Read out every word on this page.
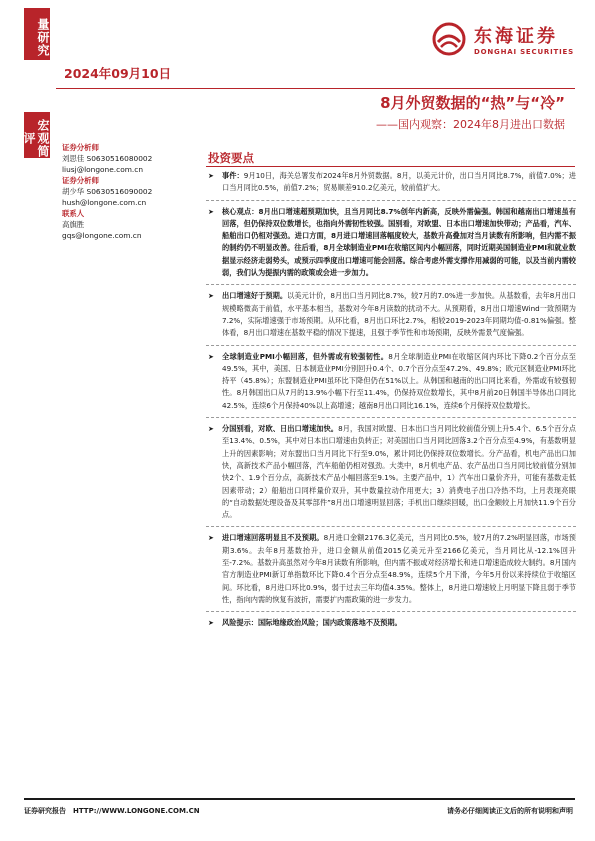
量研究
宏观简评
2024年09月10日
东海证券
DONGHAI SECURITIES
8月外贸数据的“热”与“冷”
——国内观察：2024年8月进出口数据
证券分析师
刘思佳 S0630516080002
liusj@longone.com.cn
证券分析师
胡少华 S0630516090002
hush@longone.com.cn
联系人
高旗胜
gqs@longone.com.cn
投资要点
➤ 事件：9月10日，海关总署发布2024年8月外贸数据。8月，以美元计价，出口当月同比8.7%，前值7.0%；进口当月同比0.5%，前值7.2%；贸易顺差910.2亿美元，较前值扩大。
➤ 核心观点：8月出口增速超预期加快，且当月同比8.7%创年内新高，反映外需偏强。韩国和越南出口增速虽有回落，但仍保持双位数增长，也指向外需韧性较强。国别看，对欧盟、日本出口增速加快带动；产品看，汽车、船舶出口仍相对强劲。进口方面，8月进口增速回落幅度较大，基数升高叠加对当月读数有所影响，但内需不振的制约仍不明显改善。往后看，8月全球制造业PMI在收缩区间内小幅回落，同时近期美国制造业PMI和就业数据显示经济走弱势头，或预示四季度出口增速可能会回落。综合考虑外需支撑作用减弱的可能，以及当前内需较弱，我们认为提振内需的政策或会进一步加力。
➤ 出口增速好于预期。以美元计价，8月出口当月同比8.7%，较7月的7.0%进一步加快。从基数看，去年8月出口规模略微高于前值，水平基本相当，基数对今年8月读数的扰动不大。从预期看，8月出口增速Wind一致预期为7.2%，实际增速强于市场预期。从环比看，8月出口环比2.7%，相较2019-2023年同期均值-0.81%偏强。整体看，8月出口增速在基数平稳的情况下提速，且强于季节性和市场预期，反映外需景气度偏强。
➤ 全球制造业PMI小幅回落，但外需或有较强韧性。8月全球制造业PMI在收缩区间内环比下降0.2个百分点至49.5%，其中，美国、日本制造业PMI分别回升0.4个、0.7个百分点至47.2%、49.8%；欧元区制造业PMI环比持平（45.8%）；东盟制造业PMI虽环比下降但仍在51%以上。从韩国和越南的出口同比来看，外需或有较强韧性。8月韩国出口从7月的13.9%小幅下行至11.4%，仍保持双位数增长，其中8月前20日韩国半导体出口同比42.5%，连续6个月保持40%以上高增速；越南8月出口同比16.1%，连续6个月保持双位数增长。
➤ 分国别看，对欧、日出口增速加快。8月，我国对欧盟、日本出口当月同比较前值分别上升5.4个、6.5个百分点至13.4%、0.5%，其中对日本出口增速由负转正；对美国出口当月同比回落3.2个百分点至4.9%，有基数明显上升的因素影响；对东盟出口当月同比下行至9.0%，累计同比仍保持双位数增长。分产品看，机电产品出口加快，高新技术产品小幅回落，汽车船舶仍相对强劲。大类中，8月机电产品、农产品出口当月同比较前值分别加快2个、1.9个百分点，高新技术产品小幅回落至9.1%。主要产品中，1）汽车出口量价齐升，可能有基数走低因素带动；2）船舶出口同样量价双升，其中数量拉动作用更大；3）消费电子出口冷热不均，上月表现亮眼的“自动数据处理设备及其零部件”8月出口增速明显回落；手机出口继续回暖，出口金额较上月加快11.9个百分点。
➤ 进口增速回落明显且不及预期。8月进口金额2176.3亿美元，当月同比0.5%，较7月的7.2%明显回落，市场预期3.6%。去年8月基数抬升，进口金额从前值2015亿美元升至2166亿美元，当月同比从-12.1%回升至-7.2%。基数升高虽然对今年8月读数有所影响，但内需不振或对经济增长和进口增速造成较大制约。8月国内官方制造业PMI新订单指数环比下降0.4个百分点至48.9%，连续5个月下滑，今年5月份以来持续位于收缩区间。环比看，8月进口环比0.9%，弱于过去三年均值4.35%。整体上，8月进口增速较上月明显下降且弱于季节性，指向内需的恢复有波折，需要扩内需政策的进一步发力。
➤ 风险提示：国际地缘政治风险；国内政策落地不及预期。
证券研究报告　HTTP://WWW.LONGONE.COM.CN	请务必仔细阅读正文后的所有说明和声明
